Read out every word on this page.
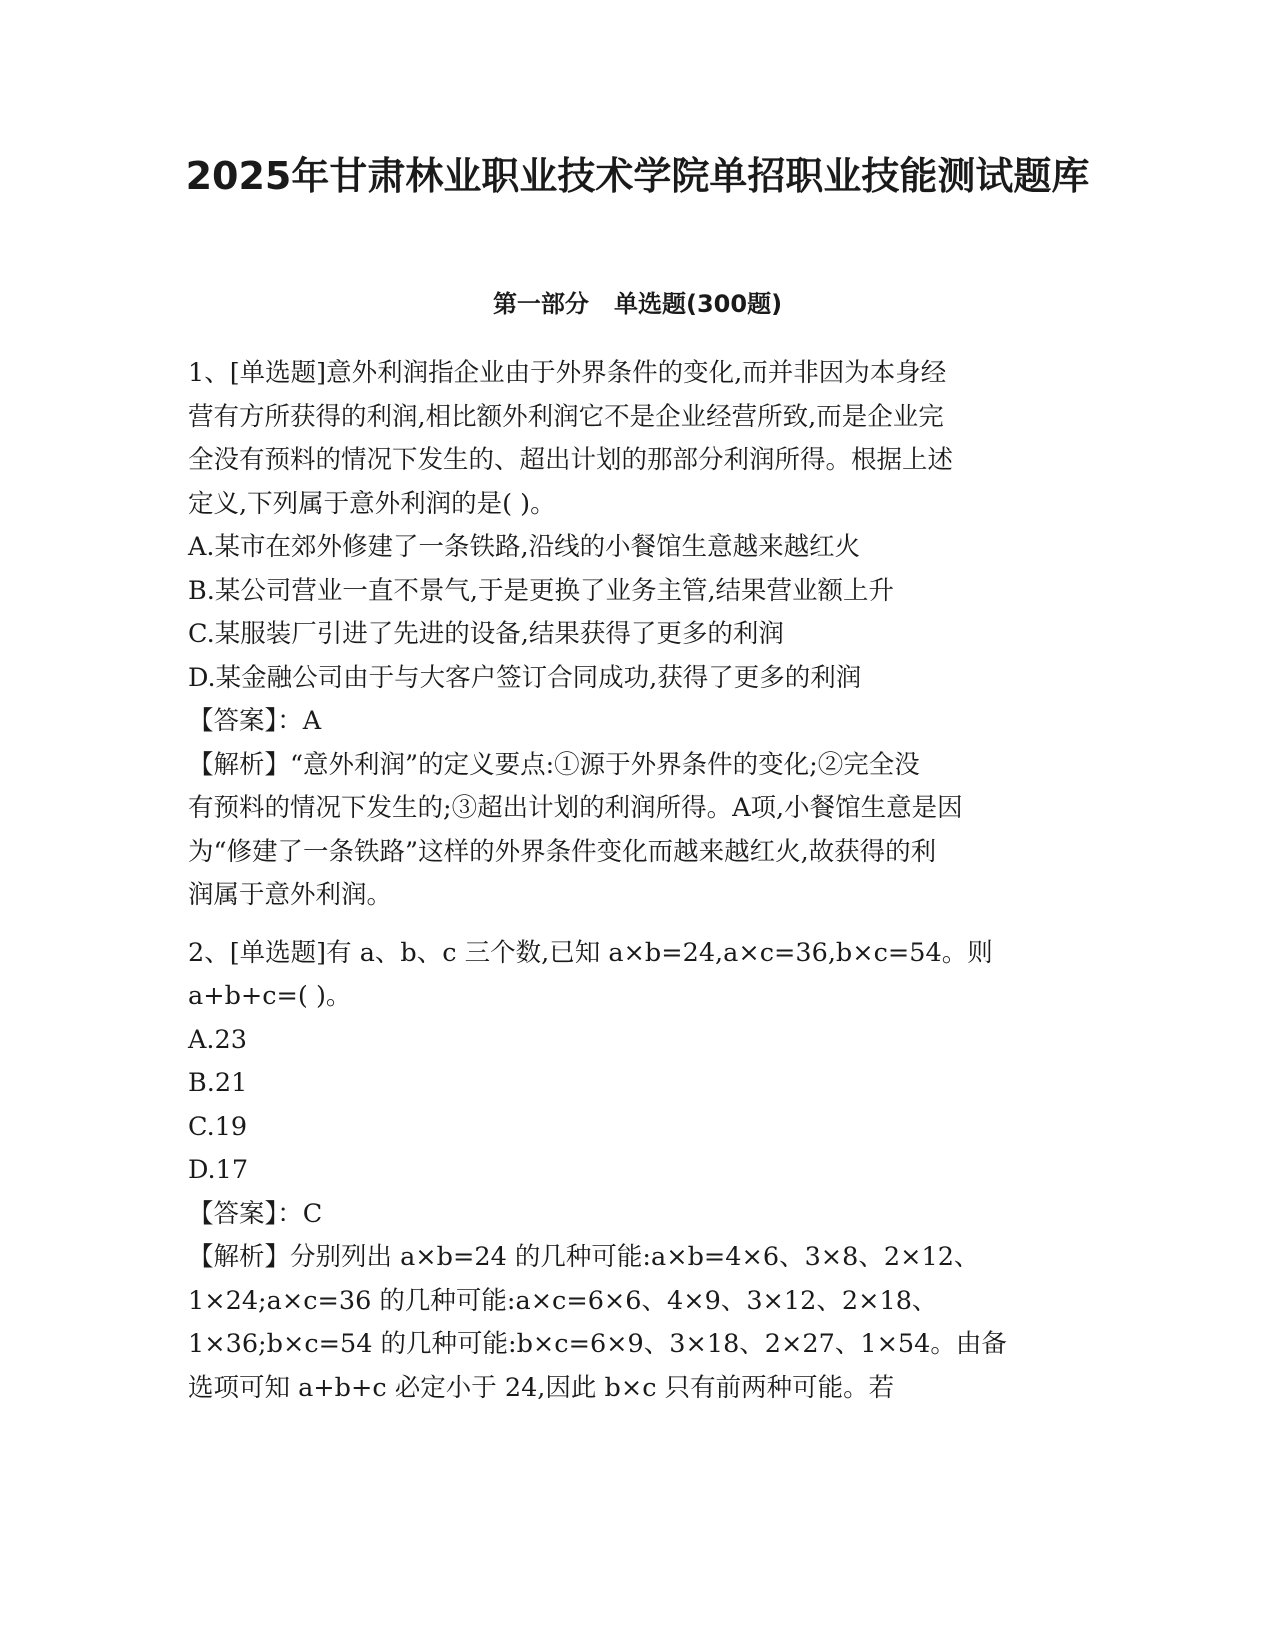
2025年甘肃林业职业技术学院单招职业技能测试题库
第一部分   单选题(300题)
1、[单选题]意外利润指企业由于外界条件的变化,而并非因为本身经
营有方所获得的利润,相比额外利润它不是企业经营所致,而是企业完
全没有预料的情况下发生的、超出计划的那部分利润所得。根据上述
定义,下列属于意外利润的是( )。
A.某市在郊外修建了一条铁路,沿线的小餐馆生意越来越红火
B.某公司营业一直不景气,于是更换了业务主管,结果营业额上升
C.某服装厂引进了先进的设备,结果获得了更多的利润
D.某金融公司由于与大客户签订合同成功,获得了更多的利润
【答案】：A
【解析】“意外利润”的定义要点:①源于外界条件的变化;②完全没
有预料的情况下发生的;③超出计划的利润所得。A项,小餐馆生意是因
为“修建了一条铁路”这样的外界条件变化而越来越红火,故获得的利
润属于意外利润。
2、[单选题]有 a、b、c 三个数,已知 a×b=24,a×c=36,b×c=54。则
a+b+c=( )。
A.23
B.21
C.19
D.17
【答案】：C
【解析】分别列出 a×b=24 的几种可能:a×b=4×6、3×8、2×12、
1×24;a×c=36 的几种可能:a×c=6×6、4×9、3×12、2×18、
1×36;b×c=54 的几种可能:b×c=6×9、3×18、2×27、1×54。由备
选项可知 a+b+c 必定小于 24,因此 b×c 只有前两种可能。若
